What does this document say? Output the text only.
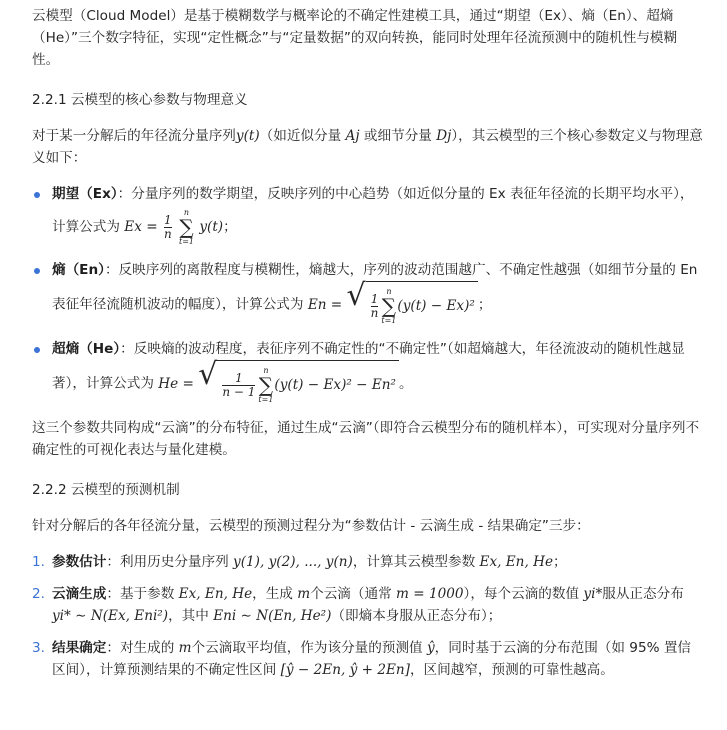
云模型（Cloud Model）是基于模糊数学与概率论的不确定性建模工具，通过“期望（Ex）、熵（En）、超熵（He）”三个数字特征，实现“定性概念”与“定量数据”的双向转换，能同时处理年径流预测中的随机性与模糊性。

2.2.1 云模型的核心参数与物理意义

对于某一分解后的年径流分量序列y(t)（如近似分量 Aj 或细节分量 Dj），其云模型的三个核心参数定义与物理意义如下：

期望（Ex）：分量序列的数学期望，反映序列的中心趋势（如近似分量的 Ex 表征年径流的长期平均水平），计算公式为 $Ex = \frac{1}{n}$

n
∑
t=1
y(t)；
熵（En）：反映序列的离散程度与模糊性，熵越大，序列的波动范围越广、不确定性越强（如细节分量的 En 表征年径流随机波动的幅度），计算公式为 En = √ $\frac{1}{n}$
n
∑
t=1
(y(t) − Ex)² ；
超熵（He）：反映熵的波动程度，表征序列不确定性的“不确定性”（如超熵越大，年径流波动的随机性越显著），计算公式为 He = √ $\frac{1}{n - 1}$
n
∑
t=1
(y(t) − Ex)² − En² 。

这三个参数共同构成“云滴”的分布特征，通过生成“云滴”（即符合云模型分布的随机样本），可实现对分量序列不确定性的可视化表达与量化建模。

2.2.2 云模型的预测机制

针对分解后的各年径流分量，云模型的预测过程分为“参数估计 - 云滴生成 - 结果确定”三步：

1. 参数估计：利用历史分量序列 y(1), y(2), ..., y(n)，计算其云模型参数 Ex, En, He；
2. 云滴生成：基于参数 Ex, En, He，生成 m个云滴（通常 m = 1000），每个云滴的数值 yi*服从正态分布 yi* ∼ N(Ex, Eni²)，其中 Eni ∼ N(En, He²)（即熵本身服从正态分布）；
3. 结果确定：对生成的 m个云滴取平均值，作为该分量的预测值 ŷ，同时基于云滴的分布范围（如 95% 置信区间），计算预测结果的不确定性区间 [ŷ − 2En, ŷ + 2En]，区间越窄，预测的可靠性越高。
